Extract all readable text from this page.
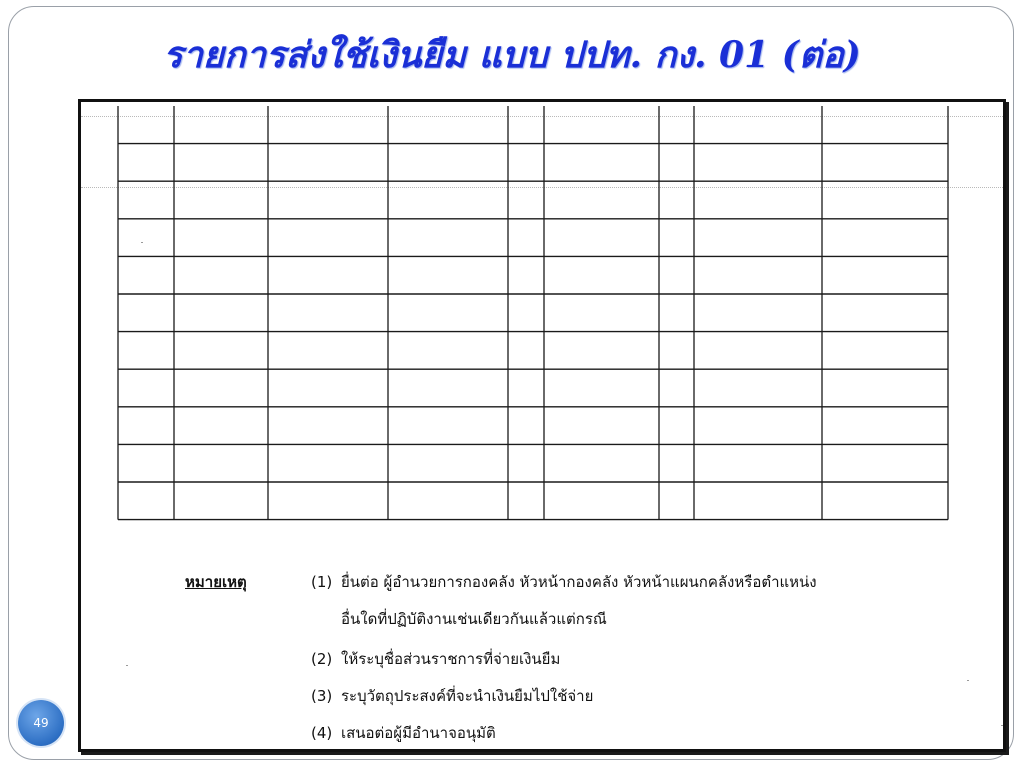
รายการส่งใช้เงินยืม แบบ ปปท. กง. 01 (ต่อ)
หมายเหตุ	(1) ยื่นต่อ ผู้อำนวยการกองคลัง หัวหน้ากองคลัง หัวหน้าแผนกคลังหรือตำแหน่ง
อื่นใดที่ปฏิบัติงานเช่นเดียวกันแล้วแต่กรณี
(2) ให้ระบุชื่อส่วนราชการที่จ่ายเงินยืม
(3) ระบุวัตถุประสงค์ที่จะนำเงินยืมไปใช้จ่าย
(4) เสนอต่อผู้มีอำนาจอนุมัติ
49
